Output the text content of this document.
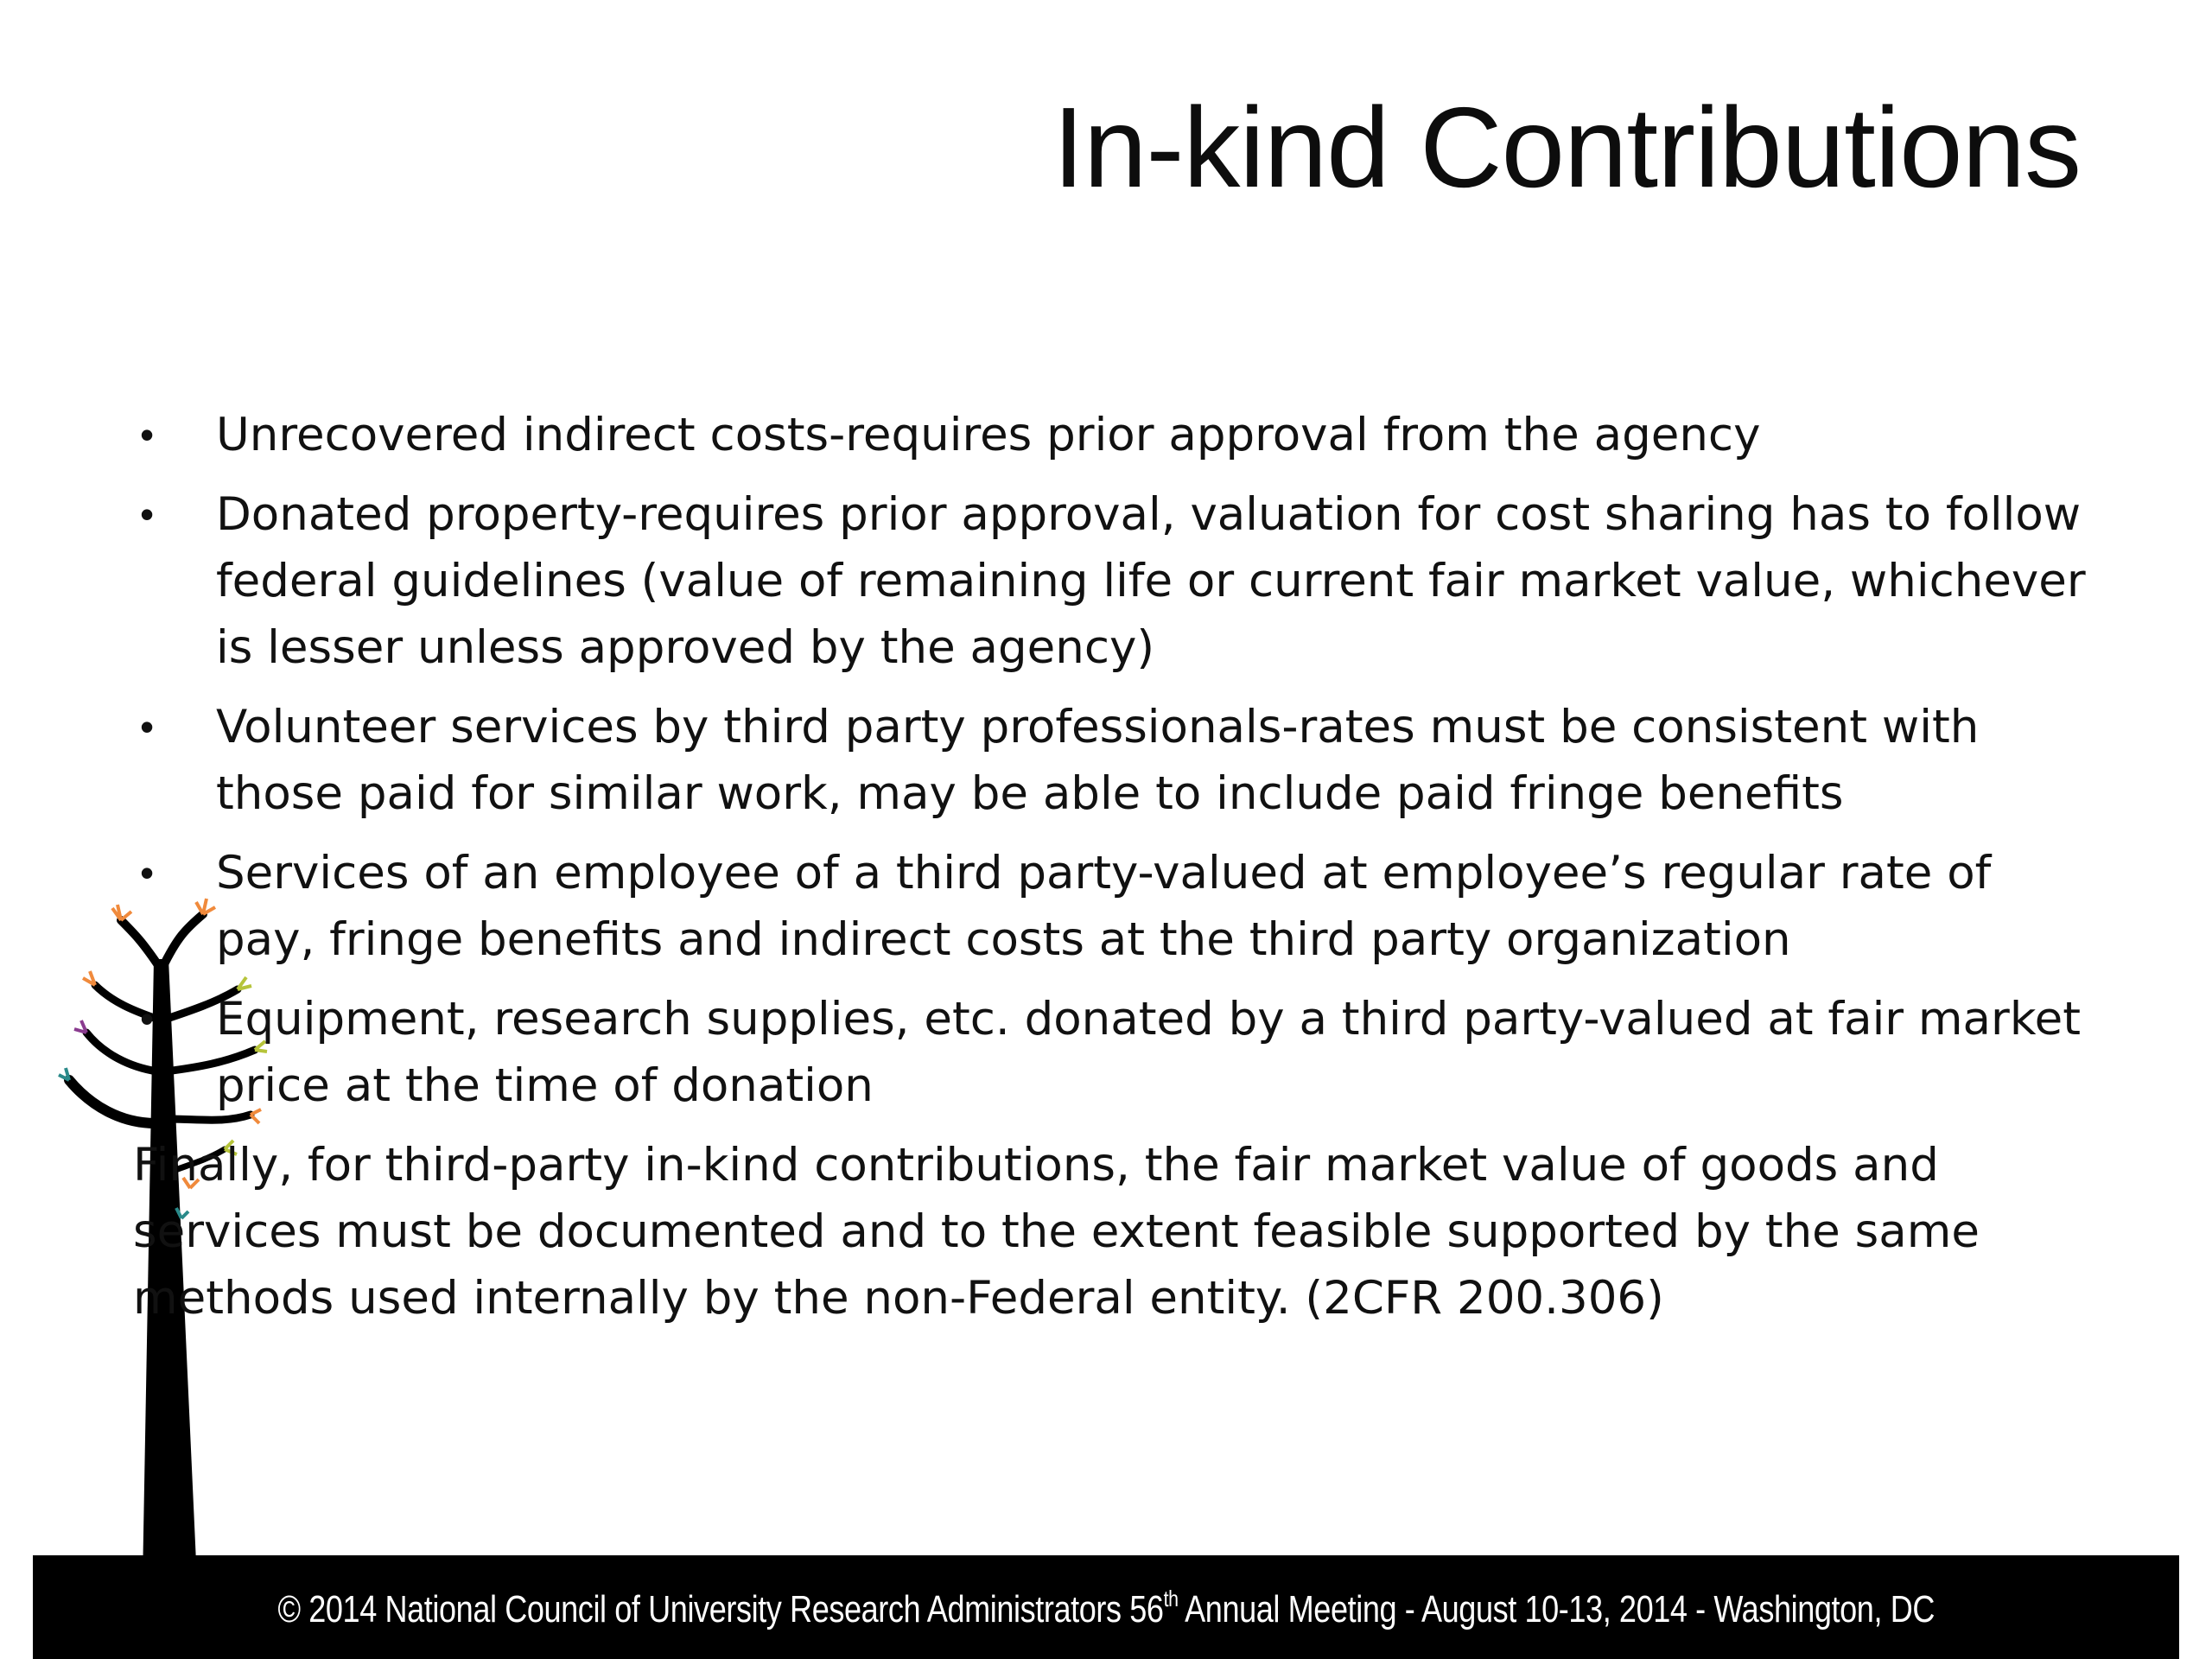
In-kind Contributions
• Unrecovered indirect costs-requires prior approval from the agency
• Donated property-requires prior approval, valuation for cost sharing has to follow federal guidelines (value of remaining life or current fair market value, whichever is lesser unless approved by the agency)
• Volunteer services by third party professionals-rates must be consistent with those paid for similar work, may be able to include paid fringe benefits
• Services of an employee of a third party-valued at employee’s regular rate of pay, fringe benefits and indirect costs at the third party organization
• Equipment, research supplies, etc. donated by a third party-valued at fair market price at the time of donation
Finally, for third-party in-kind contributions, the fair market value of goods and services must be documented and to the extent feasible supported by the same methods used internally by the non-Federal entity. (2CFR 200.306)
© 2014 National Council of University Research Administrators 56th Annual Meeting - August 10-13, 2014 - Washington, DC
